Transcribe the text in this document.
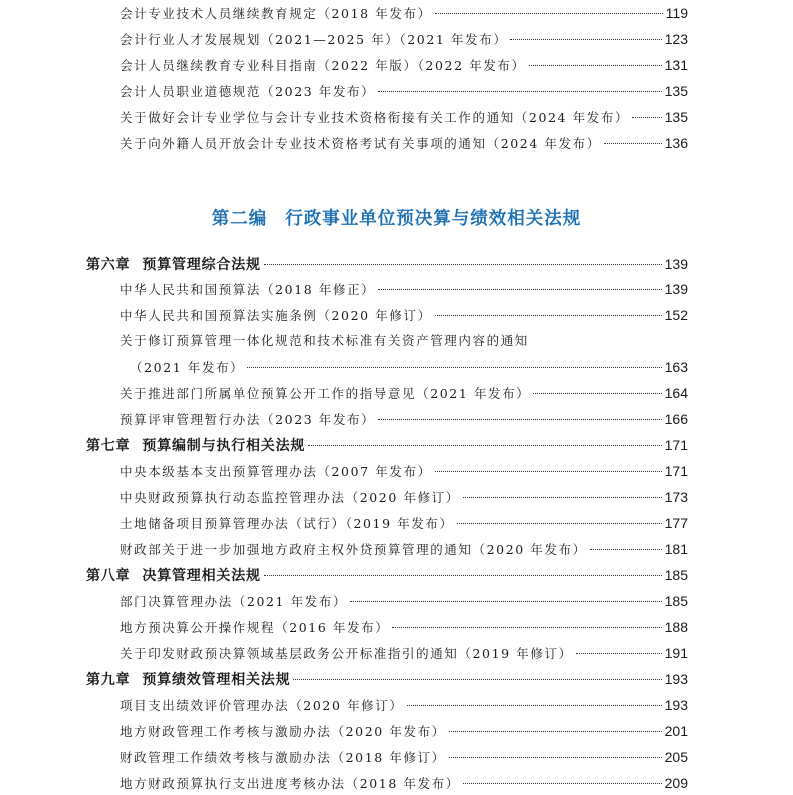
会计专业技术人员继续教育规定（2018 年发布）	119
会计行业人才发展规划（2021—2025 年）（2021 年发布）	123
会计人员继续教育专业科目指南（2022 年版）（2022 年发布）	131
会计人员职业道德规范（2023 年发布）	135
关于做好会计专业学位与会计专业技术资格衔接有关工作的通知（2024 年发布）	135
关于向外籍人员开放会计专业技术资格考试有关事项的通知（2024 年发布）	136
第二编 行政事业单位预决算与绩效相关法规
第六章 预算管理综合法规	139
中华人民共和国预算法（2018 年修正）	139
中华人民共和国预算法实施条例（2020 年修订）	152
关于修订预算管理一体化规范和技术标准有关资产管理内容的通知
（2021 年发布）	163
关于推进部门所属单位预算公开工作的指导意见（2021 年发布）	164
预算评审管理暂行办法（2023 年发布）	166
第七章 预算编制与执行相关法规	171
中央本级基本支出预算管理办法（2007 年发布）	171
中央财政预算执行动态监控管理办法（2020 年修订）	173
土地储备项目预算管理办法（试行）（2019 年发布）	177
财政部关于进一步加强地方政府主权外贷预算管理的通知（2020 年发布）	181
第八章 决算管理相关法规	185
部门决算管理办法（2021 年发布）	185
地方预决算公开操作规程（2016 年发布）	188
关于印发财政预决算领域基层政务公开标准指引的通知（2019 年修订）	191
第九章 预算绩效管理相关法规	193
项目支出绩效评价管理办法（2020 年修订）	193
地方财政管理工作考核与激励办法（2020 年发布）	201
财政管理工作绩效考核与激励办法（2018 年修订）	205
地方财政预算执行支出进度考核办法（2018 年发布）	209
